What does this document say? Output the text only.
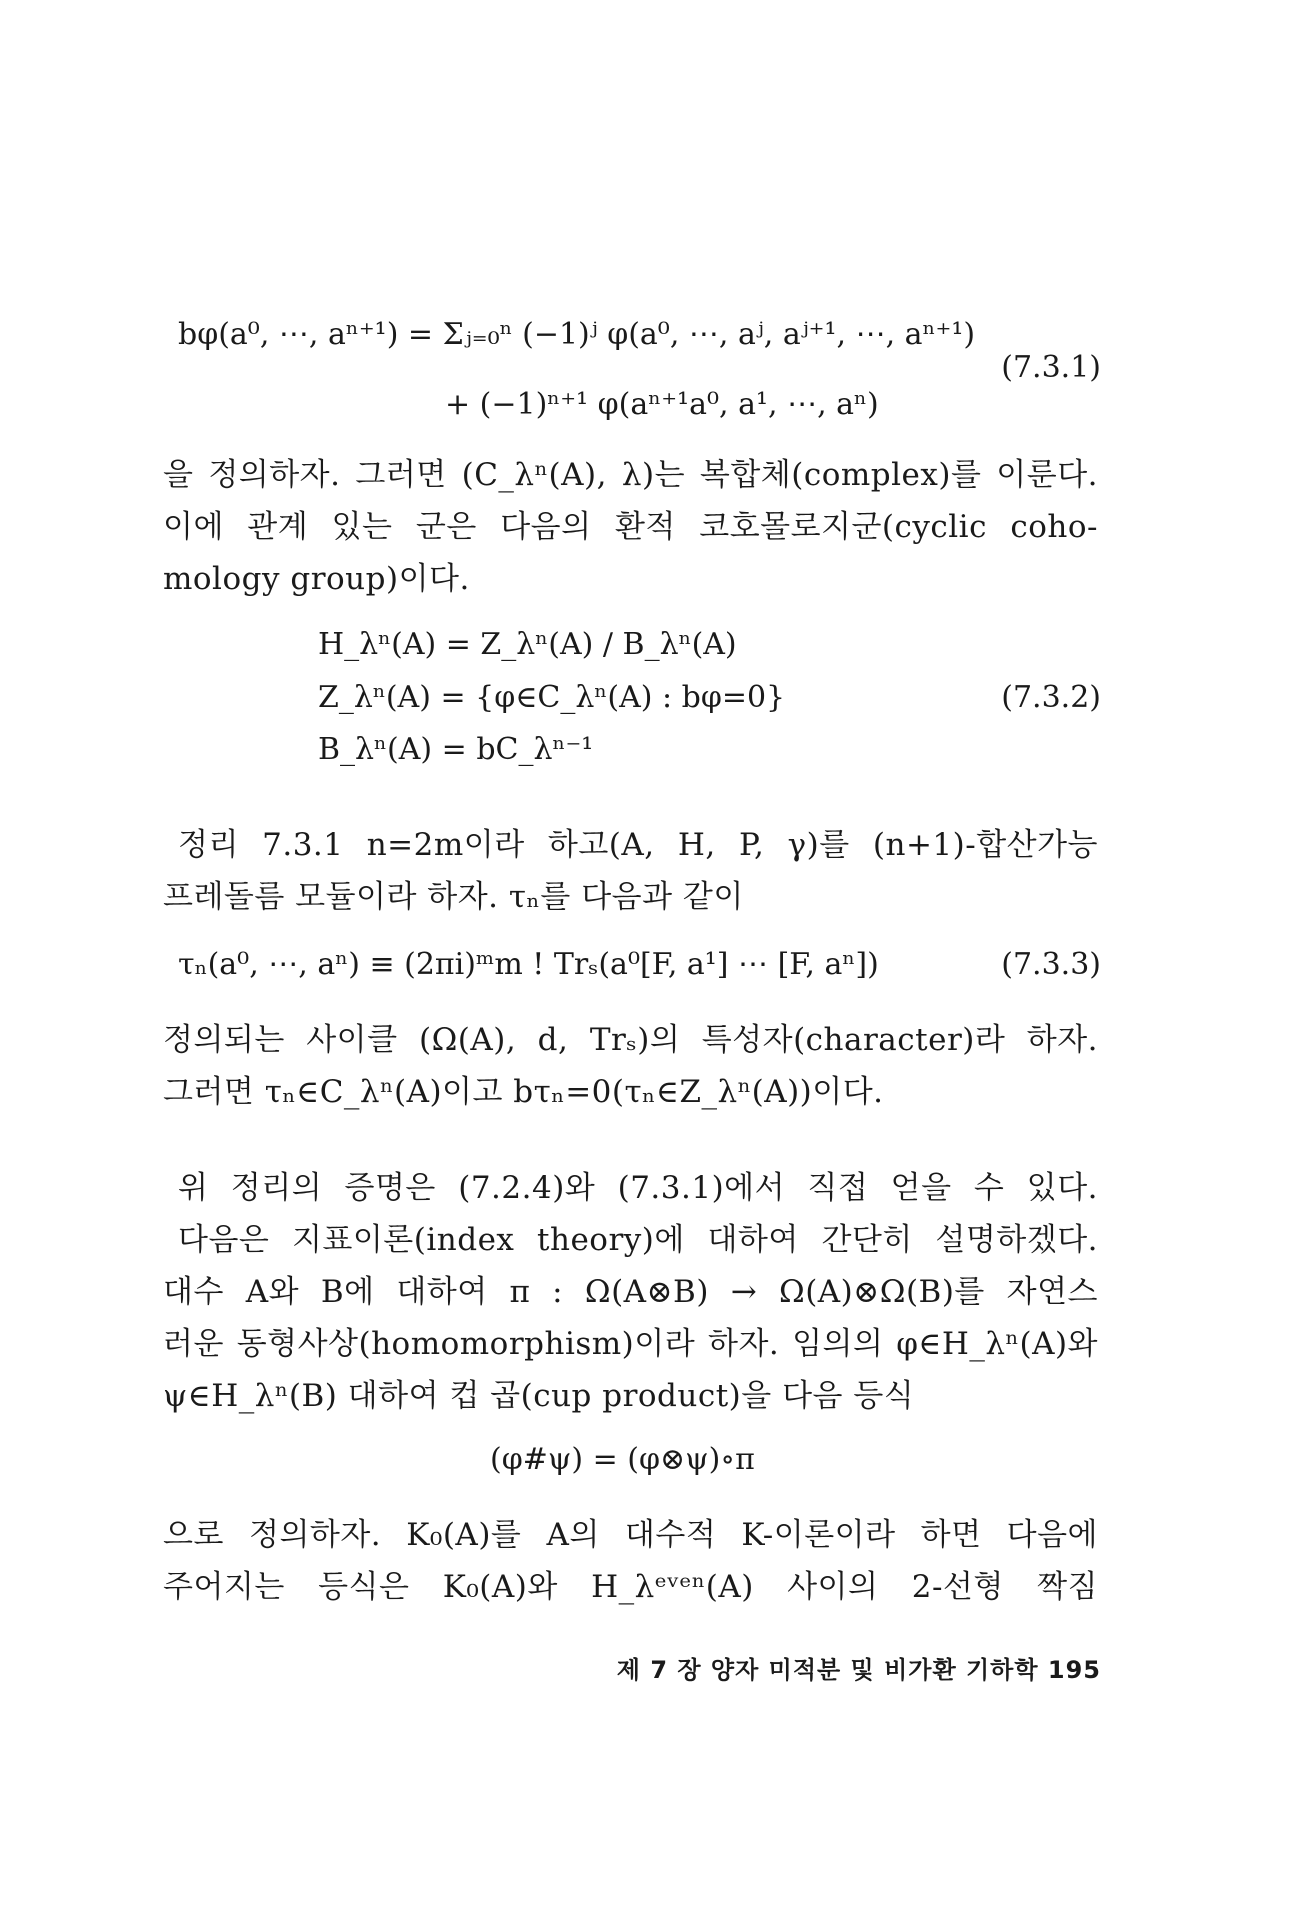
bφ(a⁰, ⋯, aⁿ⁺¹) = Σⱼ₌₀ⁿ (−1)ʲ φ(a⁰, ⋯, aʲ, aʲ⁺¹, ⋯, aⁿ⁺¹)
+ (−1)ⁿ⁺¹ φ(aⁿ⁺¹a⁰, a¹, ⋯, aⁿ)
(7.3.1)
을 정의하자. 그러면 (C_λⁿ(A), λ)는 복합체(complex)를 이룬다.
이에 관계 있는 군은 다음의 환적 코호몰로지군(cyclic coho-
mology group)이다.
H_λⁿ(A) = Z_λⁿ(A) / B_λⁿ(A)
Z_λⁿ(A) = {φ∈C_λⁿ(A) : bφ=0}
B_λⁿ(A) = bC_λⁿ⁻¹
(7.3.2)
정리 7.3.1 n=2m이라 하고(A, H, P, γ)를 (n+1)-합산가능
프레돌름 모듈이라 하자. τₙ를 다음과 같이
τₙ(a⁰, ⋯, aⁿ) ≡ (2πi)ᵐm ! Trₛ(a⁰[F, a¹] ⋯ [F, aⁿ])	(7.3.3)
정의되는 사이클 (Ω(A), d, Trₛ)의 특성자(character)라 하자.
그러면 τₙ∈C_λⁿ(A)이고 bτₙ=0(τₙ∈Z_λⁿ(A))이다.
위 정리의 증명은 (7.2.4)와 (7.3.1)에서 직접 얻을 수 있다.
다음은 지표이론(index theory)에 대하여 간단히 설명하겠다.
대수 A와 B에 대하여 π : Ω(A⊗B) → Ω(A)⊗Ω(B)를 자연스
러운 동형사상(homomorphism)이라 하자. 임의의 φ∈H_λⁿ(A)와
ψ∈H_λⁿ(B) 대하여 컵 곱(cup product)을 다음 등식
(φ#ψ) = (φ⊗ψ)∘π
으로 정의하자. K₀(A)를 A의 대수적 K-이론이라 하면 다음에
주어지는 등식은 K₀(A)와 H_λᵉᵛᵉⁿ(A) 사이의 2-선형 짝짐
제 7 장 양자 미적분 및 비가환 기하학 195
